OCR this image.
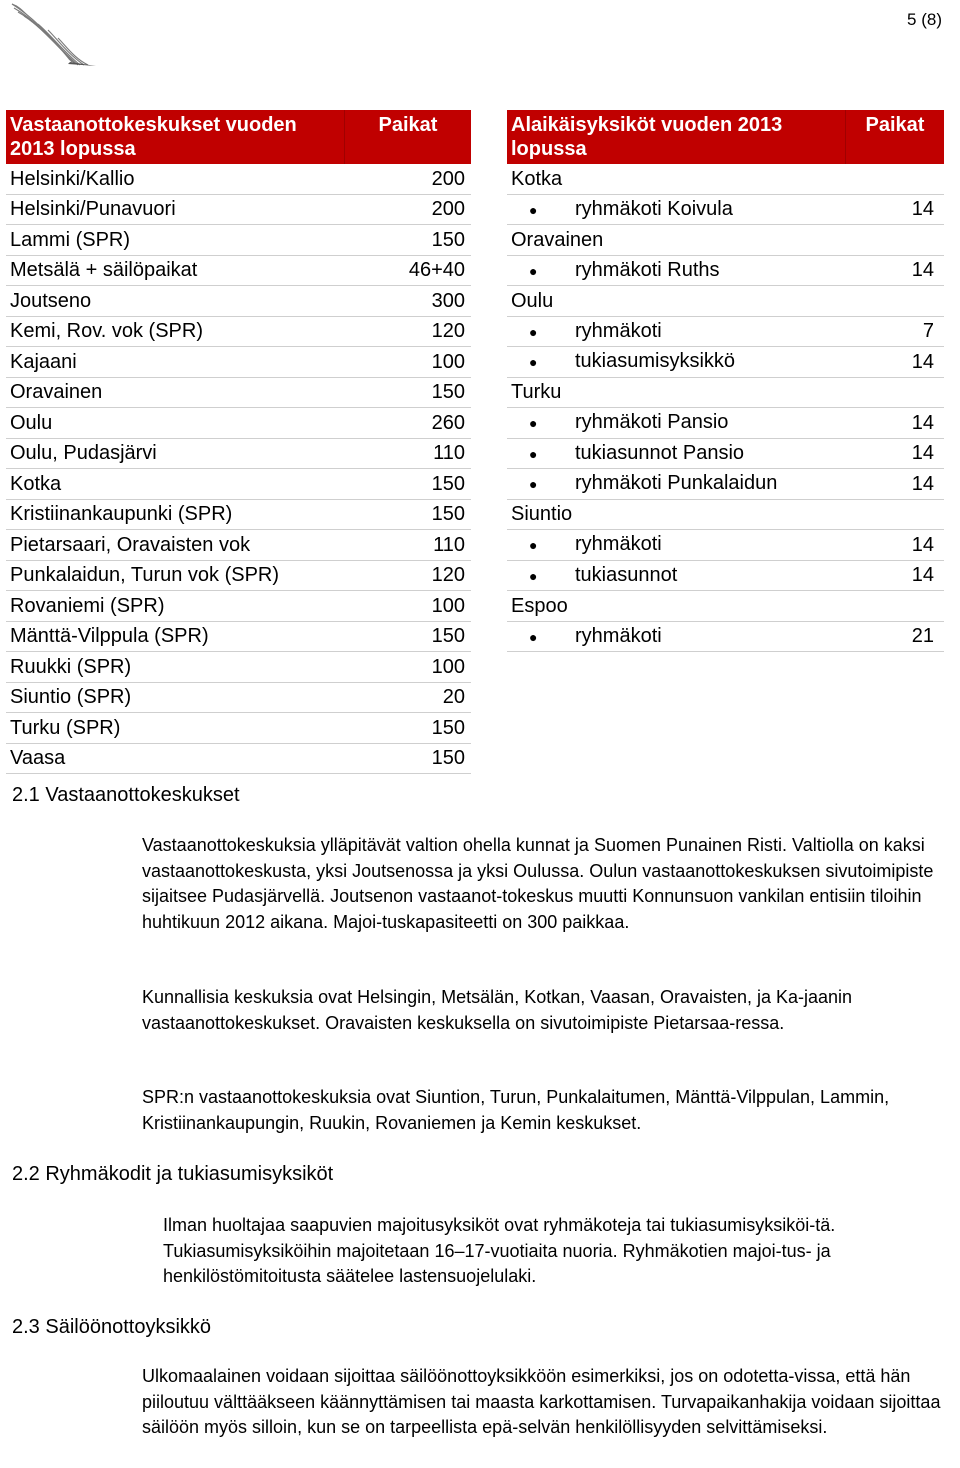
5 (8)
Vastaanottokeskukset vuoden 2013 lopussa	Paikat
Helsinki/Kallio	200
Helsinki/Punavuori	200
Lammi (SPR)	150
Metsälä + säilöpaikat	46+40
Joutseno	300
Kemi, Rov. vok (SPR)	120
Kajaani	100
Oravainen	150
Oulu	260
Oulu, Pudasjärvi	110
Kotka	150
Kristiinankaupunki (SPR)	150
Pietarsaari, Oravaisten vok	110
Punkalaidun, Turun vok (SPR)	120
Rovaniemi (SPR)	100
Mänttä-Vilppula (SPR)	150
Ruukki (SPR)	100
Siuntio (SPR)	20
Turku (SPR)	150
Vaasa	150
Alaikäisyksiköt vuoden 2013 lopussa	Paikat
Kotka	
● ryhmäkoti Koivula	14
Oravainen	
● ryhmäkoti Ruths	14
Oulu	
● ryhmäkoti	7
● tukiasumisyksikkö	14
Turku	
● ryhmäkoti Pansio	14
● tukiasunnot Pansio	14
● ryhmäkoti Punkalaidun	14
Siuntio	
● ryhmäkoti	14
● tukiasunnot	14
Espoo	
● ryhmäkoti	21
2.1 Vastaanottokeskukset
Vastaanottokeskuksia ylläpitävät valtion ohella kunnat ja Suomen Punainen Risti. Valtiolla on kaksi vastaanottokeskusta, yksi Joutsenossa ja yksi Oulussa. Oulun vastaanottokeskuksen sivutoimipiste sijaitsee Pudasjärvellä. Joutsenon vastaanot-tokeskus muutti Konnunsuon vankilan entisiin tiloihin huhtikuun 2012 aikana. Majoi-tuskapasiteetti on 300 paikkaa.
Kunnallisia keskuksia ovat Helsingin, Metsälän, Kotkan, Vaasan, Oravaisten, ja Ka-jaanin vastaanottokeskukset. Oravaisten keskuksella on sivutoimipiste Pietarsaa-ressa.
SPR:n vastaanottokeskuksia ovat Siuntion, Turun, Punkalaitumen, Mänttä-Vilppulan, Lammin, Kristiinankaupungin, Ruukin, Rovaniemen ja Kemin keskukset.
2.2 Ryhmäkodit ja tukiasumisyksiköt
Ilman huoltajaa saapuvien majoitusyksiköt ovat ryhmäkoteja tai tukiasumisyksiköi-tä. Tukiasumisyksiköihin majoitetaan 16–17-vuotiaita nuoria. Ryhmäkotien majoi-tus- ja henkilöstömitoitusta säätelee lastensuojelulaki.
2.3 Säilöönottoyksikkö
Ulkomaalainen voidaan sijoittaa säilöönottoyksikköön esimerkiksi, jos on odotetta-vissa, että hän piiloutuu välttääkseen käännyttämisen tai maasta karkottamisen. Turvapaikanhakija voidaan sijoittaa säilöön myös silloin, kun se on tarpeellista epä-selvän henkilöllisyyden selvittämiseksi.
